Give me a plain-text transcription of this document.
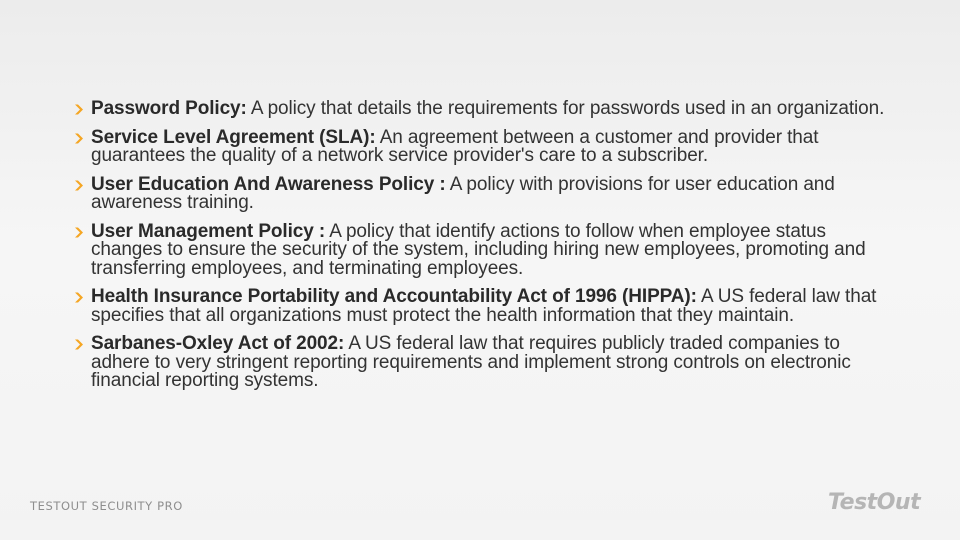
Password Policy: A policy that details the requirements for passwords used in an organization.
Service Level Agreement (SLA): An agreement between a customer and provider that guarantees the quality of a network service provider's care to a subscriber.
User Education And Awareness Policy : A policy with provisions for user education and awareness training.
User Management Policy : A policy that identify actions to follow when employee status changes to ensure the security of the system, including hiring new employees, promoting and transferring employees, and terminating employees.
Health Insurance Portability and Accountability Act of 1996 (HIPPA): A US federal law that specifies that all organizations must protect the health information that they maintain.
Sarbanes-Oxley Act of 2002: A US federal law that requires publicly traded companies to adhere to very stringent reporting requirements and implement strong controls on electronic financial reporting systems.
TESTOUT SECURITY PRO	TestOut
